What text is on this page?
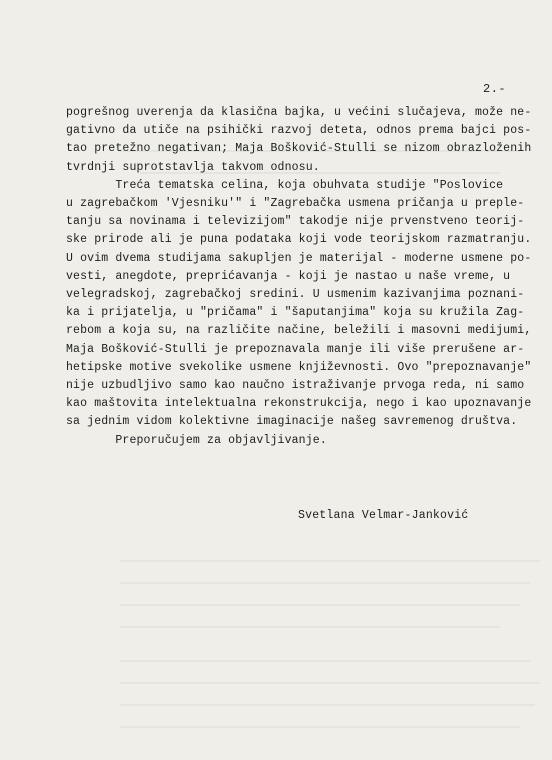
2.-
pogrešnog uverenja da klasična bajka, u većini slučajeva, može ne-
gativno da utiče na psihički razvoj deteta, odnos prema bajci pos-
tao pretežno negativan; Maja Bošković-Stulli se nizom obrazloženih
tvrdnji suprotstavlja takvom odnosu.
Treća tematska celina, koja obuhvata studije "Poslovice
u zagrebačkom 'Vjesniku'" i "Zagrebačka usmena pričanja u preple-
tanju sa novinama i televizijom" takodje nije prvenstveno teorij-
ske prirode ali je puna podataka koji vode teorijskom razmatranju.
U ovim dvema studijama sakupljen je materijal - moderne usmene po-
vesti, anegdote, preprićavanja - koji je nastao u naše vreme, u
velegradskoj, zagrebačkoj sredini. U usmenim kazivanjima poznani-
ka i prijatelja, u "pričama" i "šaputanjima" koja su kružila Zag-
rebom a koja su, na različite načine, beležili i masovni medijumi,
Maja Bošković-Stulli je prepoznavala manje ili više prerušene ar-
hetipske motive svekolike usmene književnosti. Ovo "prepoznavanje"
nije uzbudljivo samo kao naučno istraživanje prvoga reda, ni samo
kao maštovita intelektualna rekonstrukcija, nego i kao upoznavanje
sa jednim vidom kolektivne imaginacije našeg savremenog društva.
Preporučujem za objavljivanje.
Svetlana Velmar-Janković
